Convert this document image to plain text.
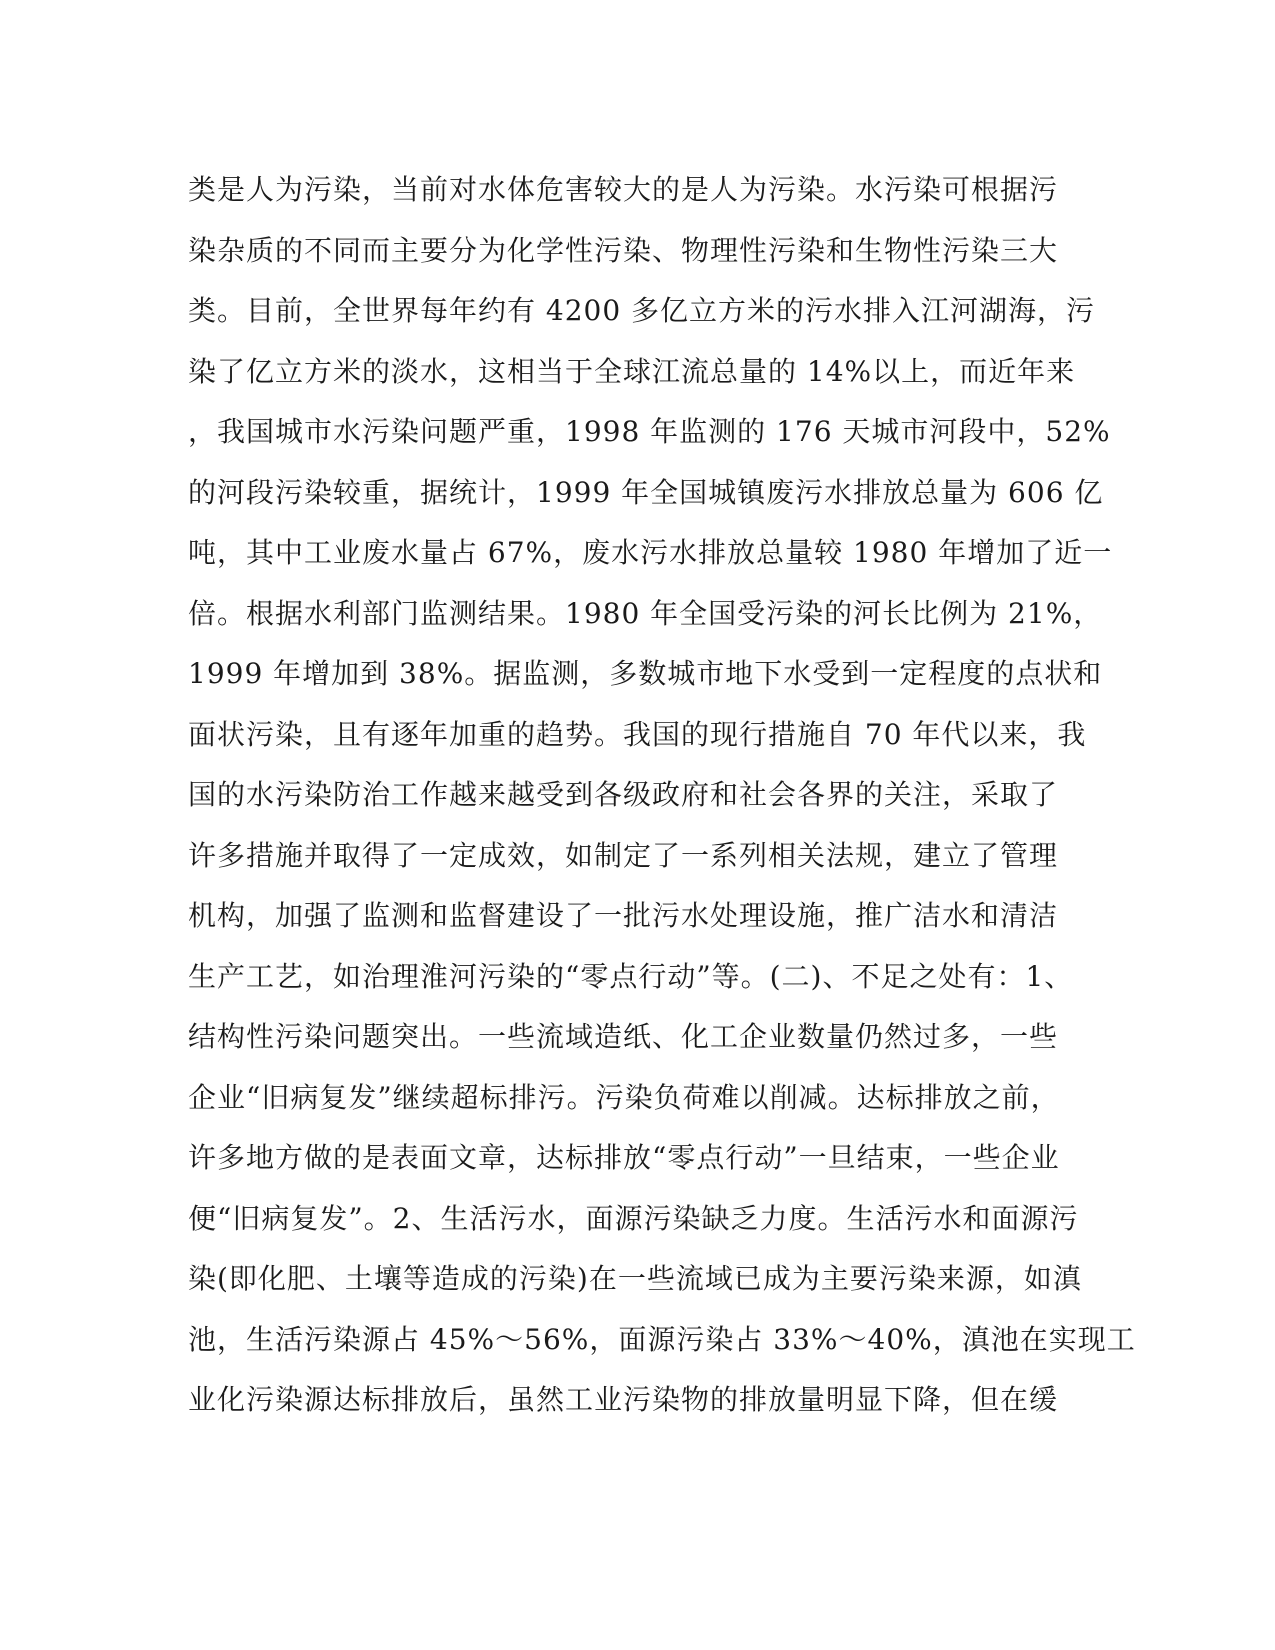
类是人为污染，当前对水体危害较大的是人为污染。水污染可根据污
染杂质的不同而主要分为化学性污染、物理性污染和生物性污染三大
类。目前，全世界每年约有 4200 多亿立方米的污水排入江河湖海，污
染了亿立方米的淡水，这相当于全球江流总量的 14%以上，而近年来
，我国城市水污染问题严重，1998 年监测的 176 天城市河段中，52%
的河段污染较重，据统计，1999 年全国城镇废污水排放总量为 606 亿
吨，其中工业废水量占 67%，废水污水排放总量较 1980 年增加了近一
倍。根据水利部门监测结果。1980 年全国受污染的河长比例为 21%，
1999 年增加到 38%。据监测，多数城市地下水受到一定程度的点状和
面状污染，且有逐年加重的趋势。我国的现行措施自 70 年代以来，我
国的水污染防治工作越来越受到各级政府和社会各界的关注，采取了
许多措施并取得了一定成效，如制定了一系列相关法规，建立了管理
机构，加强了监测和监督建设了一批污水处理设施，推广洁水和清洁
生产工艺，如治理淮河污染的“零点行动”等。(二)、不足之处有：1、
结构性污染问题突出。一些流域造纸、化工企业数量仍然过多，一些
企业“旧病复发”继续超标排污。污染负荷难以削减。达标排放之前，
许多地方做的是表面文章，达标排放“零点行动”一旦结束，一些企业
便“旧病复发”。2、生活污水，面源污染缺乏力度。生活污水和面源污
染(即化肥、土壤等造成的污染)在一些流域已成为主要污染来源，如滇
池，生活污染源占 45%～56%，面源污染占 33%～40%，滇池在实现工
业化污染源达标排放后，虽然工业污染物的排放量明显下降，但在缓
